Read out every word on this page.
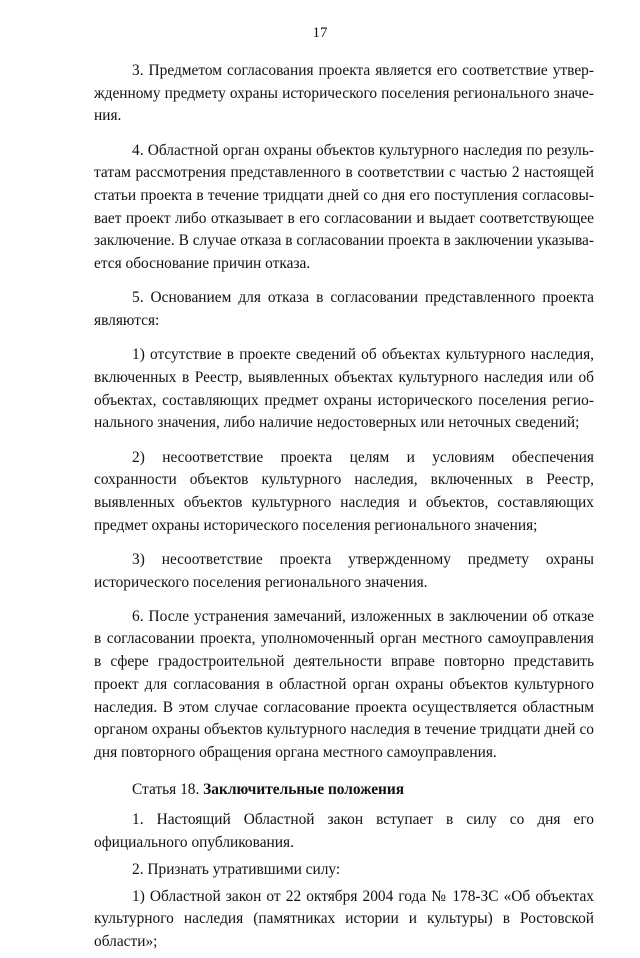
17

3. Предметом согласования проекта является его соответствие утвержденному предмету охраны исторического поселения регионального значения.

4. Областной орган охраны объектов культурного наследия по результатам рассмотрения представленного в соответствии с частью 2 настоящей статьи проекта в течение тридцати дней со дня его поступления согласовывает проект либо отказывает в его согласовании и выдает соответствующее заключение. В случае отказа в согласовании проекта в заключении указывается обоснование причин отказа.

5. Основанием для отказа в согласовании представленного проекта являются:

1) отсутствие в проекте сведений об объектах культурного наследия, включенных в Реестр, выявленных объектах культурного наследия или об объектах, составляющих предмет охраны исторического поселения регионального значения, либо наличие недостоверных или неточных сведений;

2) несоответствие проекта целям и условиям обеспечения сохранности объектов культурного наследия, включенных в Реестр, выявленных объектов культурного наследия и объектов, составляющих предмет охраны исторического поселения регионального значения;

3) несоответствие проекта утвержденному предмету охраны исторического поселения регионального значения.

6. После устранения замечаний, изложенных в заключении об отказе в согласовании проекта, уполномоченный орган местного самоуправления в сфере градостроительной деятельности вправе повторно представить проект для согласования в областной орган охраны объектов культурного наследия. В этом случае согласование проекта осуществляется областным органом охраны объектов культурного наследия в течение тридцати дней со дня повторного обращения органа местного самоуправления.

Статья 18. Заключительные положения

1. Настоящий Областной закон вступает в силу со дня его официального опубликования.

2. Признать утратившими силу:

1) Областной закон от 22 октября 2004 года № 178-ЗС «Об объектах культурного наследия (памятниках истории и культуры) в Ростовской области»;
